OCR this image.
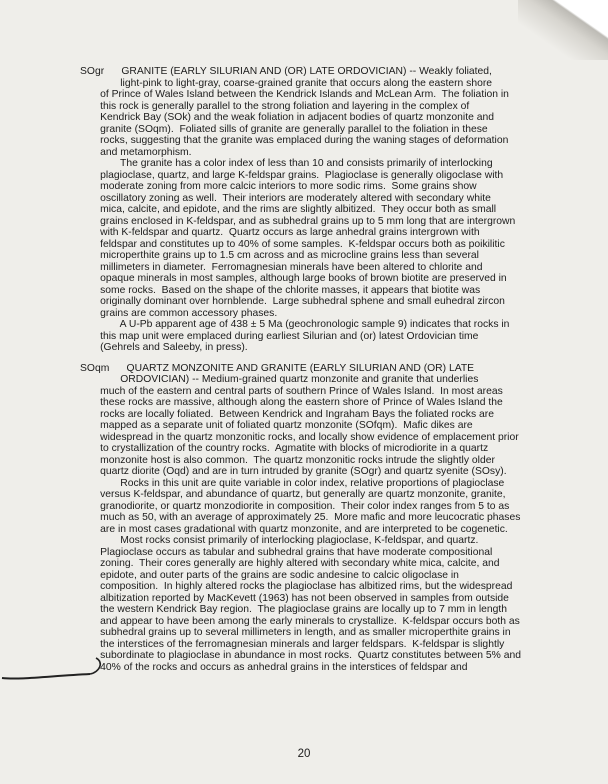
SOgr      GRANITE (EARLY SILURIAN AND (OR) LATE ORDOVICIAN) -- Weakly foliated,
light-pink to light-gray, coarse-grained granite that occurs along the eastern shore
of Prince of Wales Island between the Kendrick Islands and McLean Arm.  The foliation in
this rock is generally parallel to the strong foliation and layering in the complex of
Kendrick Bay (SOk) and the weak foliation in adjacent bodies of quartz monzonite and
granite (SOqm).  Foliated sills of granite are generally parallel to the foliation in these
rocks, suggesting that the granite was emplaced during the waning stages of deformation
and metamorphism.
The granite has a color index of less than 10 and consists primarily of interlocking
plagioclase, quartz, and large K-feldspar grains.  Plagioclase is generally oligoclase with
moderate zoning from more calcic interiors to more sodic rims.  Some grains show
oscillatory zoning as well.  Their interiors are moderately altered with secondary white
mica, calcite, and epidote, and the rims are slightly albitized.  They occur both as small
grains enclosed in K-feldspar, and as subhedral grains up to 5 mm long that are intergrown
with K-feldspar and quartz.  Quartz occurs as large anhedral grains intergrown with
feldspar and constitutes up to 40% of some samples.  K-feldspar occurs both as poikilitic
microperthite grains up to 1.5 cm across and as microcline grains less than several
millimeters in diameter.  Ferromagnesian minerals have been altered to chlorite and
opaque minerals in most samples, although large books of brown biotite are preserved in
some rocks.  Based on the shape of the chlorite masses, it appears that biotite was
originally dominant over hornblende.  Large subhedral sphene and small euhedral zircon
grains are common accessory phases.
A U-Pb apparent age of 438 ± 5 Ma (geochronologic sample 9) indicates that rocks in
this map unit were emplaced during earliest Silurian and (or) latest Ordovician time
(Gehrels and Saleeby, in press).
SOqm      QUARTZ MONZONITE AND GRANITE (EARLY SILURIAN AND (OR) LATE
ORDOVICIAN) -- Medium-grained quartz monzonite and granite that underlies
much of the eastern and central parts of southern Prince of Wales Island.  In most areas
these rocks are massive, although along the eastern shore of Prince of Wales Island the
rocks are locally foliated.  Between Kendrick and Ingraham Bays the foliated rocks are
mapped as a separate unit of foliated quartz monzonite (SOfqm).  Mafic dikes are
widespread in the quartz monzonitic rocks, and locally show evidence of emplacement prior
to crystallization of the country rocks.  Agmatite with blocks of microdiorite in a quartz
monzonite host is also common.  The quartz monzonitic rocks intrude the slightly older
quartz diorite (Oqd) and are in turn intruded by granite (SOgr) and quartz syenite (SOsy).
Rocks in this unit are quite variable in color index, relative proportions of plagioclase
versus K-feldspar, and abundance of quartz, but generally are quartz monzonite, granite,
granodiorite, or quartz monzodiorite in composition.  Their color index ranges from 5 to as
much as 50, with an average of approximately 25.  More mafic and more leucocratic phases
are in most cases gradational with quartz monzonite, and are interpreted to be cogenetic.
Most rocks consist primarily of interlocking plagioclase, K-feldspar, and quartz.
Plagioclase occurs as tabular and subhedral grains that have moderate compositional
zoning.  Their cores generally are highly altered with secondary white mica, calcite, and
epidote, and outer parts of the grains are sodic andesine to calcic oligoclase in
composition.  In highly altered rocks the plagioclase has albitized rims, but the widespread
albitization reported by MacKevett (1963) has not been observed in samples from outside
the western Kendrick Bay region.  The plagioclase grains are locally up to 7 mm in length
and appear to have been among the early minerals to crystallize.  K-feldspar occurs both as
subhedral grains up to several millimeters in length, and as smaller microperthite grains in
the interstices of the ferromagnesian minerals and larger feldspars.  K-feldspar is slightly
subordinate to plagioclase in abundance in most rocks.  Quartz constitutes between 5% and
40% of the rocks and occurs as anhedral grains in the interstices of feldspar and
20
